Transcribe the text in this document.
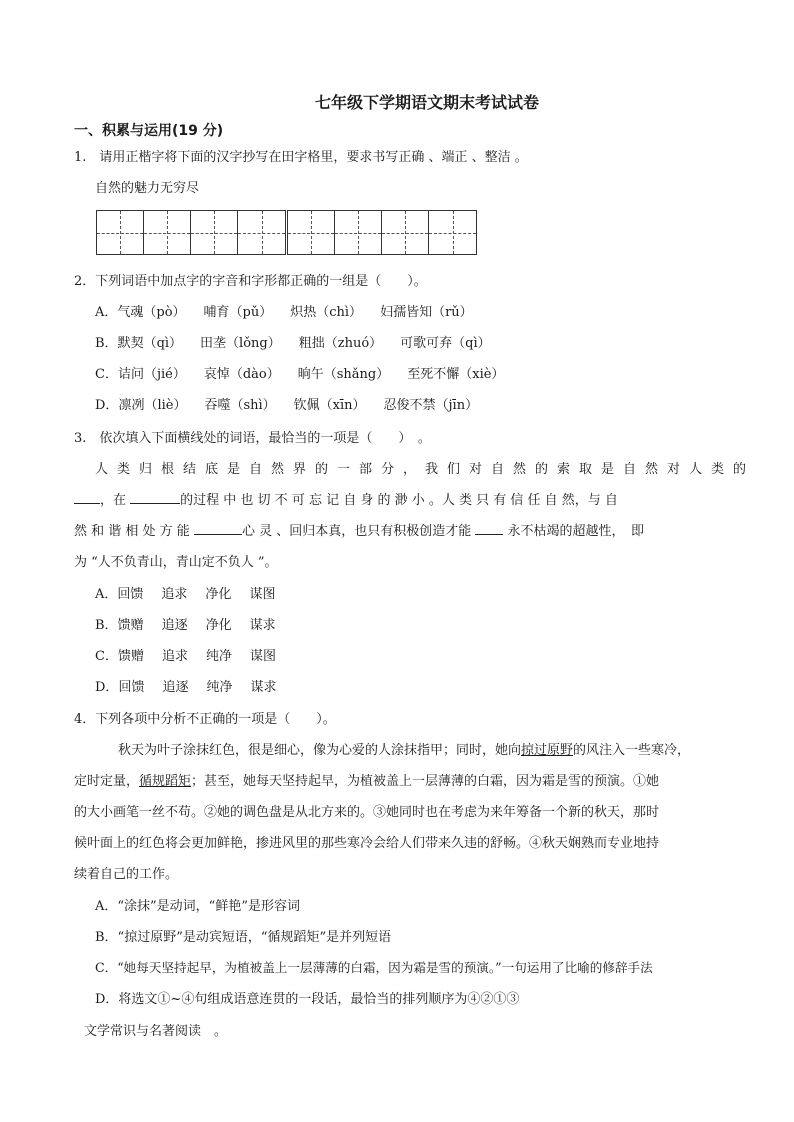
七年级下学期语文期末考试试卷
一、积累与运用(19 分)
1.　请用正楷字将下面的汉字抄写在田字格里，要求书写正确 、端正 、整洁 。
自然的魅力无穷尽
2．下列词语中加点字的字音和字形都正确的一组是（　　）。
A．气魂（pò） 哺育（pǔ） 炽热（chì） 妇孺皆知（rǔ）
B．默契（qì） 田垄（lǒng） 粗拙（zhuó） 可歌可弃（qì）
C．诘问（jié） 哀悼（dào） 晌午（shǎng） 至死不懈（xiè）
D．凛冽（liè） 吞噬（shì） 钦佩（xīn） 忍俊不禁（jīn）
3.　依次填入下面横线处的词语，最恰当的一项是（　　）　。
人 类 归 根 结 底 是 自 然 界 的 一 部 分 ， 我 们 对 自 然 的 索 取 是 自 然 对 人 类 的
，在	的过程 中 也 切 不 可 忘 记 自 身 的 渺 小 。人 类 只 有 信 任 自 然，与 自
然 和 谐 相 处 方 能	心 灵 、回归本真，也只有积极创造才能	永不枯竭的超越性，　即
为 “人不负青山，青山定不负人 ”。
A．回馈 追求 净化 谋图
B．馈赠 追逐 净化 谋求
C．馈赠 追求 纯净 谋图
D．回馈 追逐 纯净 谋求
4．下列各项中分析不正确的一项是（　　）。
秋天为叶子涂抹红色，很是细心，像为心爱的人涂抹指甲；同时，她向掠过原野的风注入一些寒冷，
定时定量，循规蹈矩；甚至，她每天坚持起早，为植被盖上一层薄薄的白霜，因为霜是雪的预演。①她
的大小画笔一丝不苟。②她的调色盘是从北方来的。③她同时也在考虑为来年筹备一个新的秋天，那时
候叶面上的红色将会更加鲜艳，掺进风里的那些寒冷会给人们带来久违的舒畅。④秋天娴熟而专业地持
续着自己的工作。
A．“涂抹”是动词，“鲜艳”是形容词
B．“掠过原野”是动宾短语，“循规蹈矩”是并列短语
C．“她每天坚持起早，为植被盖上一层薄薄的白霜，因为霜是雪的预演。”一句运用了比喻的修辞手法
D．将选文①~④句组成语意连贯的一段话，最恰当的排列顺序为④②①③
文学常识与名著阅读　。
